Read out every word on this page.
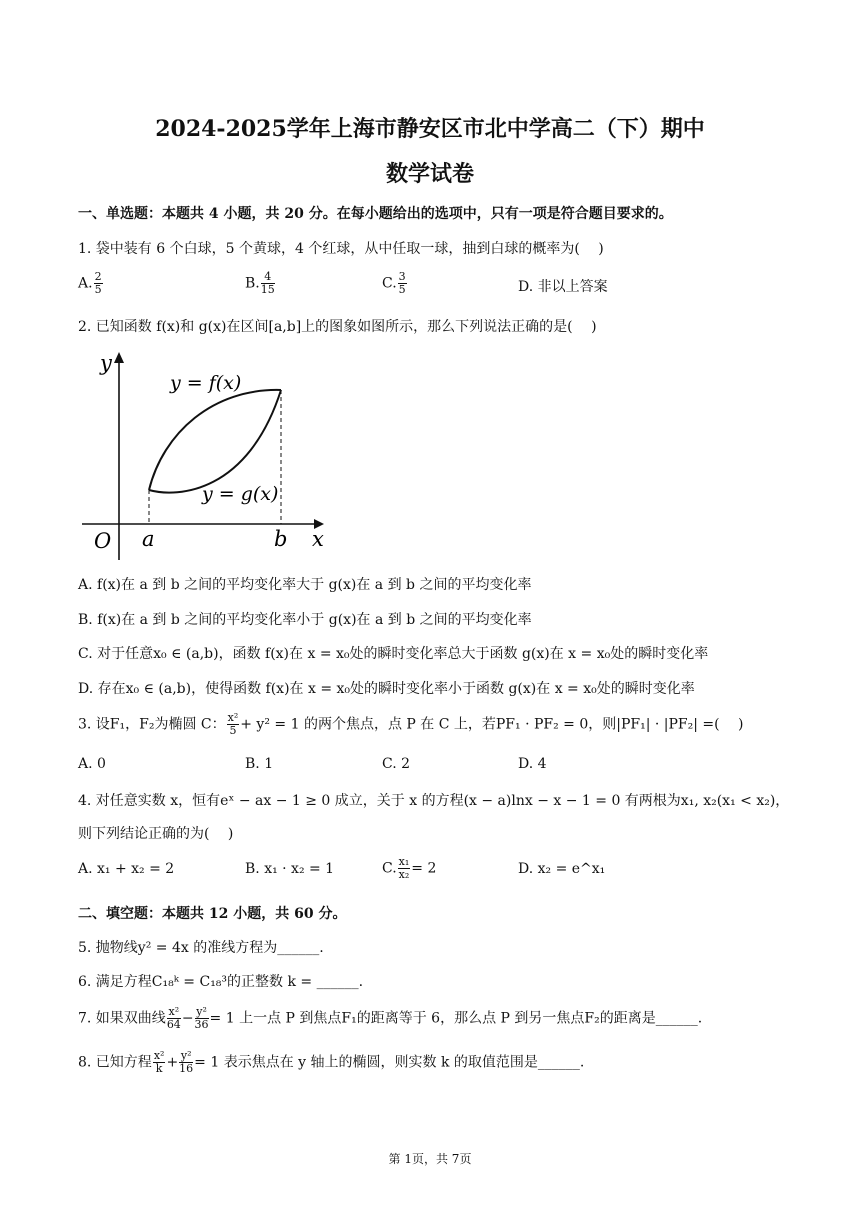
2024-2025学年上海市静安区市北中学高二（下）期中
数学试卷
一、单选题：本题共 4 小题，共 20 分。在每小题给出的选项中，只有一项是符合题目要求的。
1. 袋中装有 6 个白球，5 个黄球，4 个红球，从中任取一球，抽到白球的概率为(　 )
A. $\frac{2}{5}$	B. $\frac{4}{15}$	C. $\frac{3}{5}$	D. 非以上答案
2. 已知函数 f(x)和 g(x)在区间[a,b]上的图象如图所示，那么下列说法正确的是(　 )
y
x
O a	b
y = f(x)
y = g(x)
A. f(x)在 a 到 b 之间的平均变化率大于 g(x)在 a 到 b 之间的平均变化率
B. f(x)在 a 到 b 之间的平均变化率小于 g(x)在 a 到 b 之间的平均变化率
C. 对于任意x₀ ∈ (a,b)，函数 f(x)在 x = x₀处的瞬时变化率总大于函数 g(x)在 x = x₀处的瞬时变化率
D. 存在x₀ ∈ (a,b)，使得函数 f(x)在 x = x₀处的瞬时变化率小于函数 g(x)在 x = x₀处的瞬时变化率
3. 设F₁，F₂为椭圆 C： $\frac{\text{x²}}{5} + y^2 = 1$ 的两个焦点，点 P 在 C 上，若PF₁ · PF₂ = 0，则|PF₁| · |PF₂| =(　 )
A. 0	B. 1	C. 2	D. 4
4. 对任意实数 x，恒有eˣ − ax − 1 ≥ 0 成立，关于 x 的方程(x − a)lnx − x − 1 = 0 有两根为x₁, x₂(x₁ < x₂)，
则下列结论正确的为(　 )
A. x₁ + x₂ = 2	B. x₁ · x₂ = 1	C. $\frac{\text{x₁}}{\text{x₂}} = 2$	D. x₂ = e^x₁
二、填空题：本题共 12 小题，共 60 分。
5. 抛物线y² = 4x 的准线方程为______.
6. 满足方程C₁₈ᵏ = C₁₈³的正整数 k = ______.
7. 如果双曲线 $\frac{\text{x²}}{64} - \frac{\text{y²}}{36} = 1$ 上一点 P 到焦点F₁的距离等于 6，那么点 P 到另一焦点F₂的距离是______.
8. 已知方程 $\frac{\text{x²}}{k} + \frac{\text{y²}}{16} = 1$ 表示焦点在 y 轴上的椭圆，则实数 k 的取值范围是______.
第 1页，共 7页
